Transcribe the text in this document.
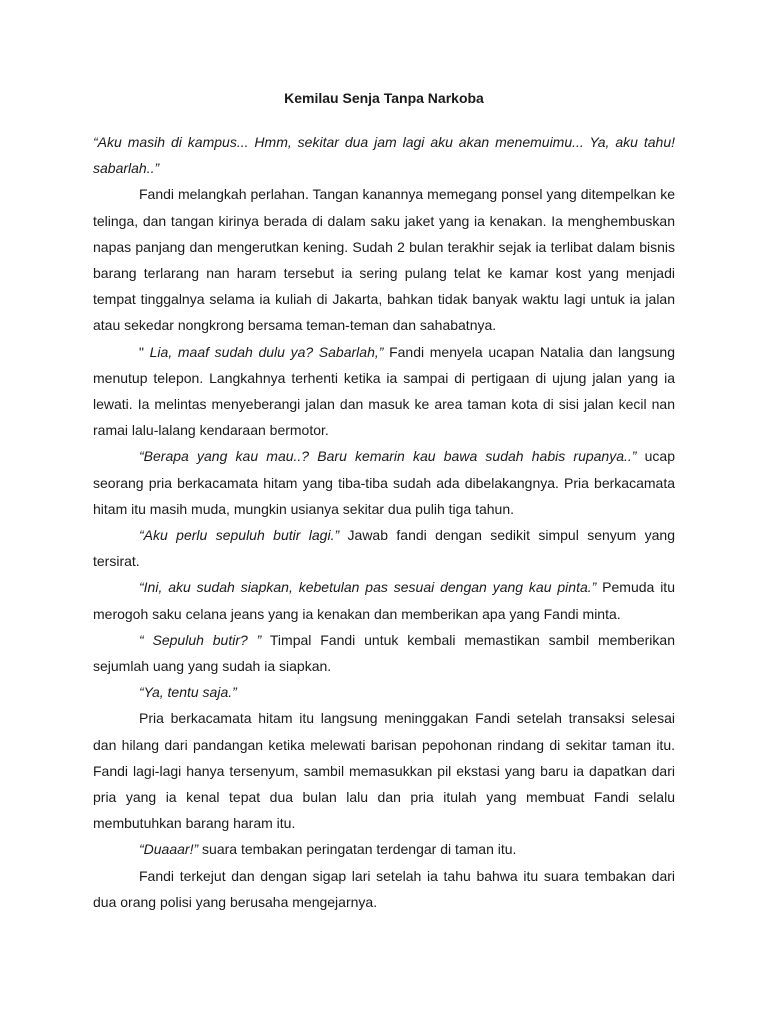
Kemilau Senja Tanpa Narkoba

“Aku masih di kampus... Hmm, sekitar dua jam lagi aku akan menemuimu... Ya, aku tahu! sabarlah..”

Fandi melangkah perlahan. Tangan kanannya memegang ponsel yang ditempelkan ke telinga, dan tangan kirinya berada di dalam saku jaket yang ia kenakan. Ia menghembuskan napas panjang dan mengerutkan kening. Sudah 2 bulan terakhir sejak ia terlibat dalam bisnis barang terlarang nan haram tersebut ia sering pulang telat ke kamar kost yang menjadi tempat tinggalnya selama ia kuliah di Jakarta, bahkan tidak banyak waktu lagi untuk ia jalan atau sekedar nongkrong bersama teman-teman dan sahabatnya.

" Lia, maaf sudah dulu ya? Sabarlah,” Fandi menyela ucapan Natalia dan langsung menutup telepon. Langkahnya terhenti ketika ia sampai di pertigaan di ujung jalan yang ia lewati. Ia melintas menyeberangi jalan dan masuk ke area taman kota di sisi jalan kecil nan ramai lalu-lalang kendaraan bermotor.

“Berapa yang kau mau..? Baru kemarin kau bawa sudah habis rupanya..” ucap seorang pria berkacamata hitam yang tiba-tiba sudah ada dibelakangnya. Pria berkacamata hitam itu masih muda, mungkin usianya sekitar dua pulih tiga tahun.

“Aku perlu sepuluh butir lagi.” Jawab fandi dengan sedikit simpul senyum yang tersirat.

“Ini, aku sudah siapkan, kebetulan pas sesuai dengan yang kau pinta.” Pemuda itu merogoh saku celana jeans yang ia kenakan dan memberikan apa yang Fandi minta.

“ Sepuluh butir? ” Timpal Fandi untuk kembali memastikan sambil memberikan sejumlah uang yang sudah ia siapkan.

“Ya, tentu saja.”

Pria berkacamata hitam itu langsung meninggakan Fandi setelah transaksi selesai dan hilang dari pandangan ketika melewati barisan pepohonan rindang di sekitar taman itu. Fandi lagi-lagi hanya tersenyum, sambil memasukkan pil ekstasi yang baru ia dapatkan dari pria yang ia kenal tepat dua bulan lalu dan pria itulah yang membuat Fandi selalu membutuhkan barang haram itu.

“Duaaar!” suara tembakan peringatan terdengar di taman itu.

Fandi terkejut dan dengan sigap lari setelah ia tahu bahwa itu suara tembakan dari dua orang polisi yang berusaha mengejarnya.
